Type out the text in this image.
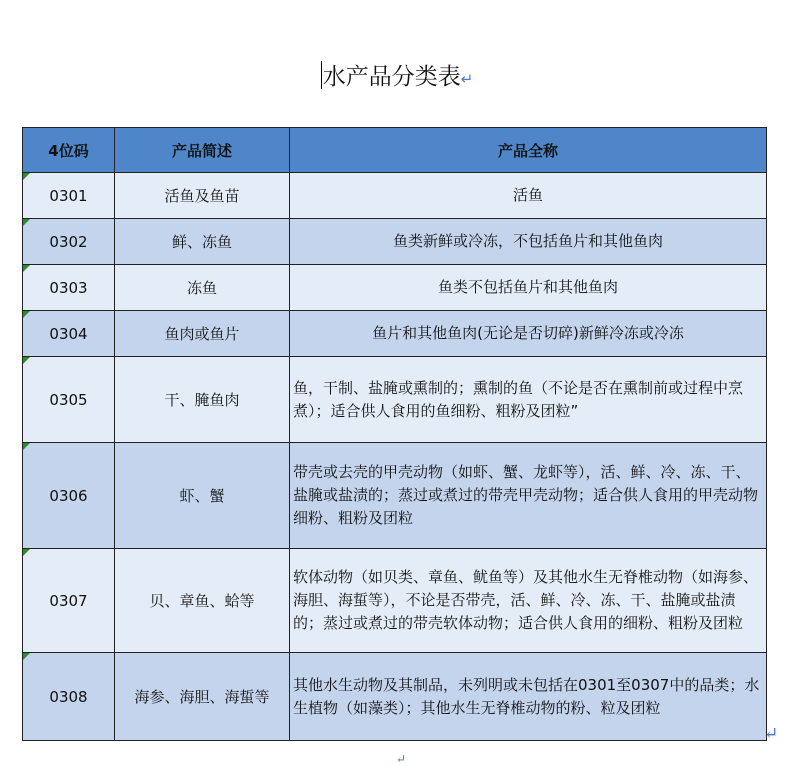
水产品分类表↵
4位码	产品简述	产品全称

0301	活鱼及鱼苗	活鱼

0302	鲜、冻鱼	鱼类新鲜或冷冻，不包括鱼片和其他鱼肉

0303	冻鱼	鱼类不包括鱼片和其他鱼肉

0304	鱼肉或鱼片	鱼片和其他鱼肉(无论是否切碎)新鲜冷冻或冷冻

0305	干、腌鱼肉	鱼，干制、盐腌或熏制的；熏制的鱼（不论是否在熏制前或过程中烹煮）；适合供人食用的鱼细粉、粗粉及团粒”

0306	虾、蟹	带壳或去壳的甲壳动物（如虾、蟹、龙虾等），活、鲜、冷、冻、干、盐腌或盐渍的；蒸过或煮过的带壳甲壳动物；适合供人食用的甲壳动物细粉、粗粉及团粒

0307	贝、章鱼、蛤等	软体动物（如贝类、章鱼、鱿鱼等）及其他水生无脊椎动物（如海参、海胆、海蜇等），不论是否带壳，活、鲜、冷、冻、干、盐腌或盐渍的；蒸过或煮过的带壳软体动物；适合供人食用的细粉、粗粉及团粒

0308	海参、海胆、海蜇等	其他水生动物及其制品，未列明或未包括在0301至0307中的品类；水生植物（如藻类）；其他水生无脊椎动物的粉、粒及团粒
↵
↵
